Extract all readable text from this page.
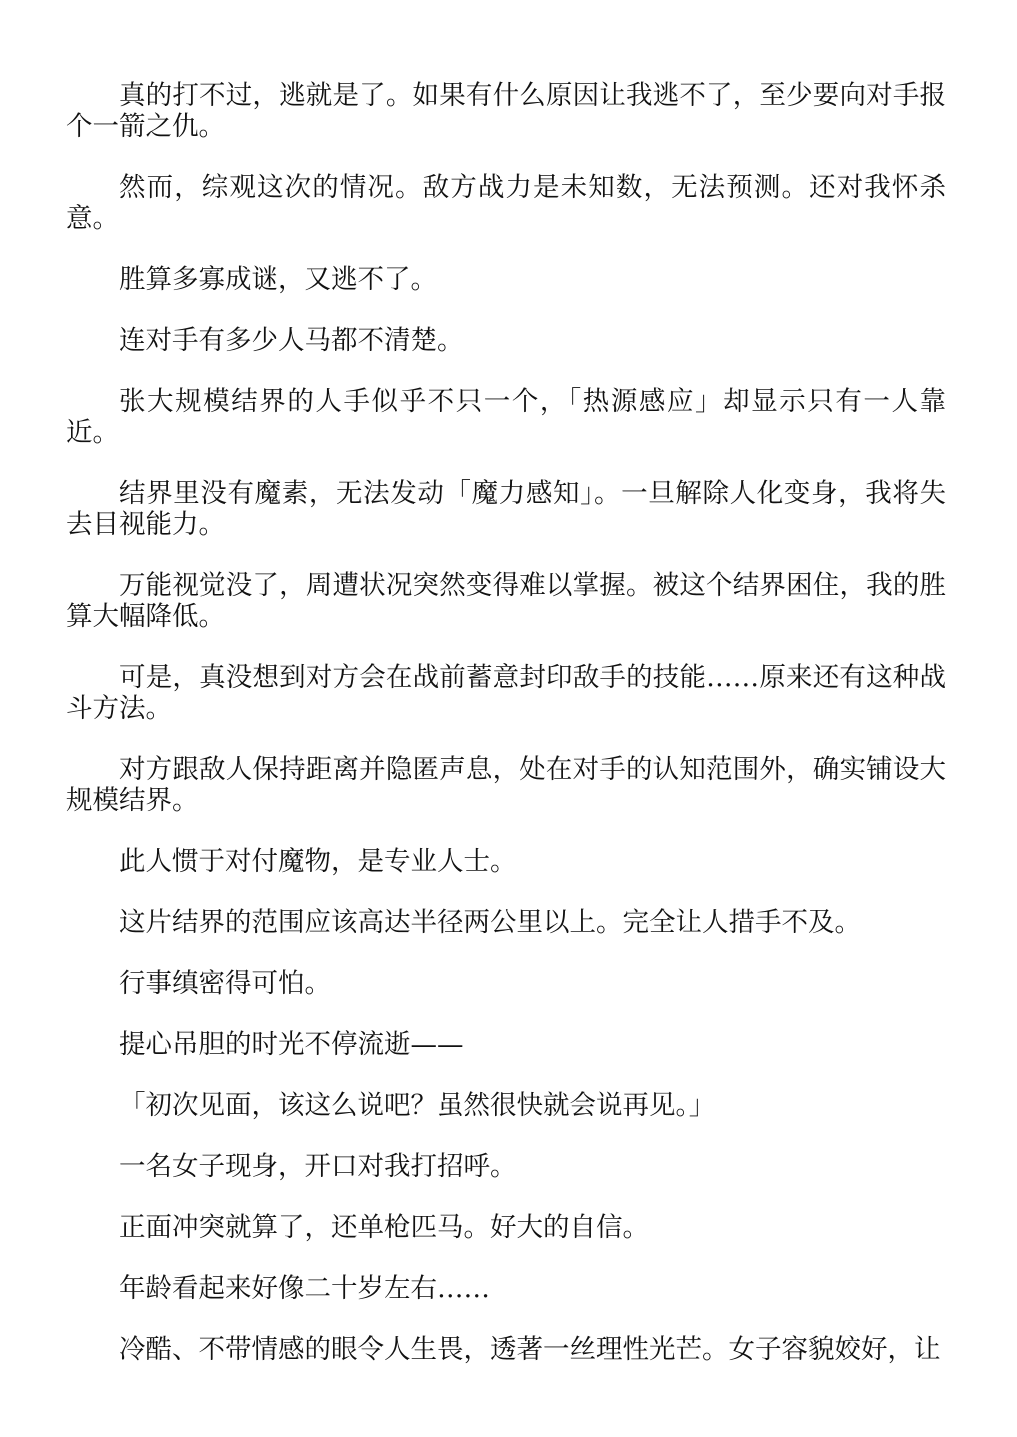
真的打不过，逃就是了。如果有什么原因让我逃不了，至少要向对手报个一箭之仇。

然而，综观这次的情况。敌方战力是未知数，无法预测。还对我怀杀意。

胜算多寡成谜，又逃不了。

连对手有多少人马都不清楚。

张大规模结界的人手似乎不只一个，「热源感应」却显示只有一人靠近。

结界里没有魔素，无法发动「魔力感知」。一旦解除人化变身，我将失去目视能力。

万能视觉没了，周遭状况突然变得难以掌握。被这个结界困住，我的胜算大幅降低。

可是，真没想到对方会在战前蓄意封印敌手的技能……原来还有这种战斗方法。

对方跟敌人保持距离并隐匿声息，处在对手的认知范围外，确实铺设大规模结界。

此人惯于对付魔物，是专业人士。

这片结界的范围应该高达半径两公里以上。完全让人措手不及。

行事缜密得可怕。

提心吊胆的时光不停流逝——

「初次见面，该这么说吧？虽然很快就会说再见。」

一名女子现身，开口对我打招呼。

正面冲突就算了，还单枪匹马。好大的自信。

年龄看起来好像二十岁左右……

冷酷、不带情感的眼令人生畏，透著一丝理性光芒。女子容貌姣好，让
